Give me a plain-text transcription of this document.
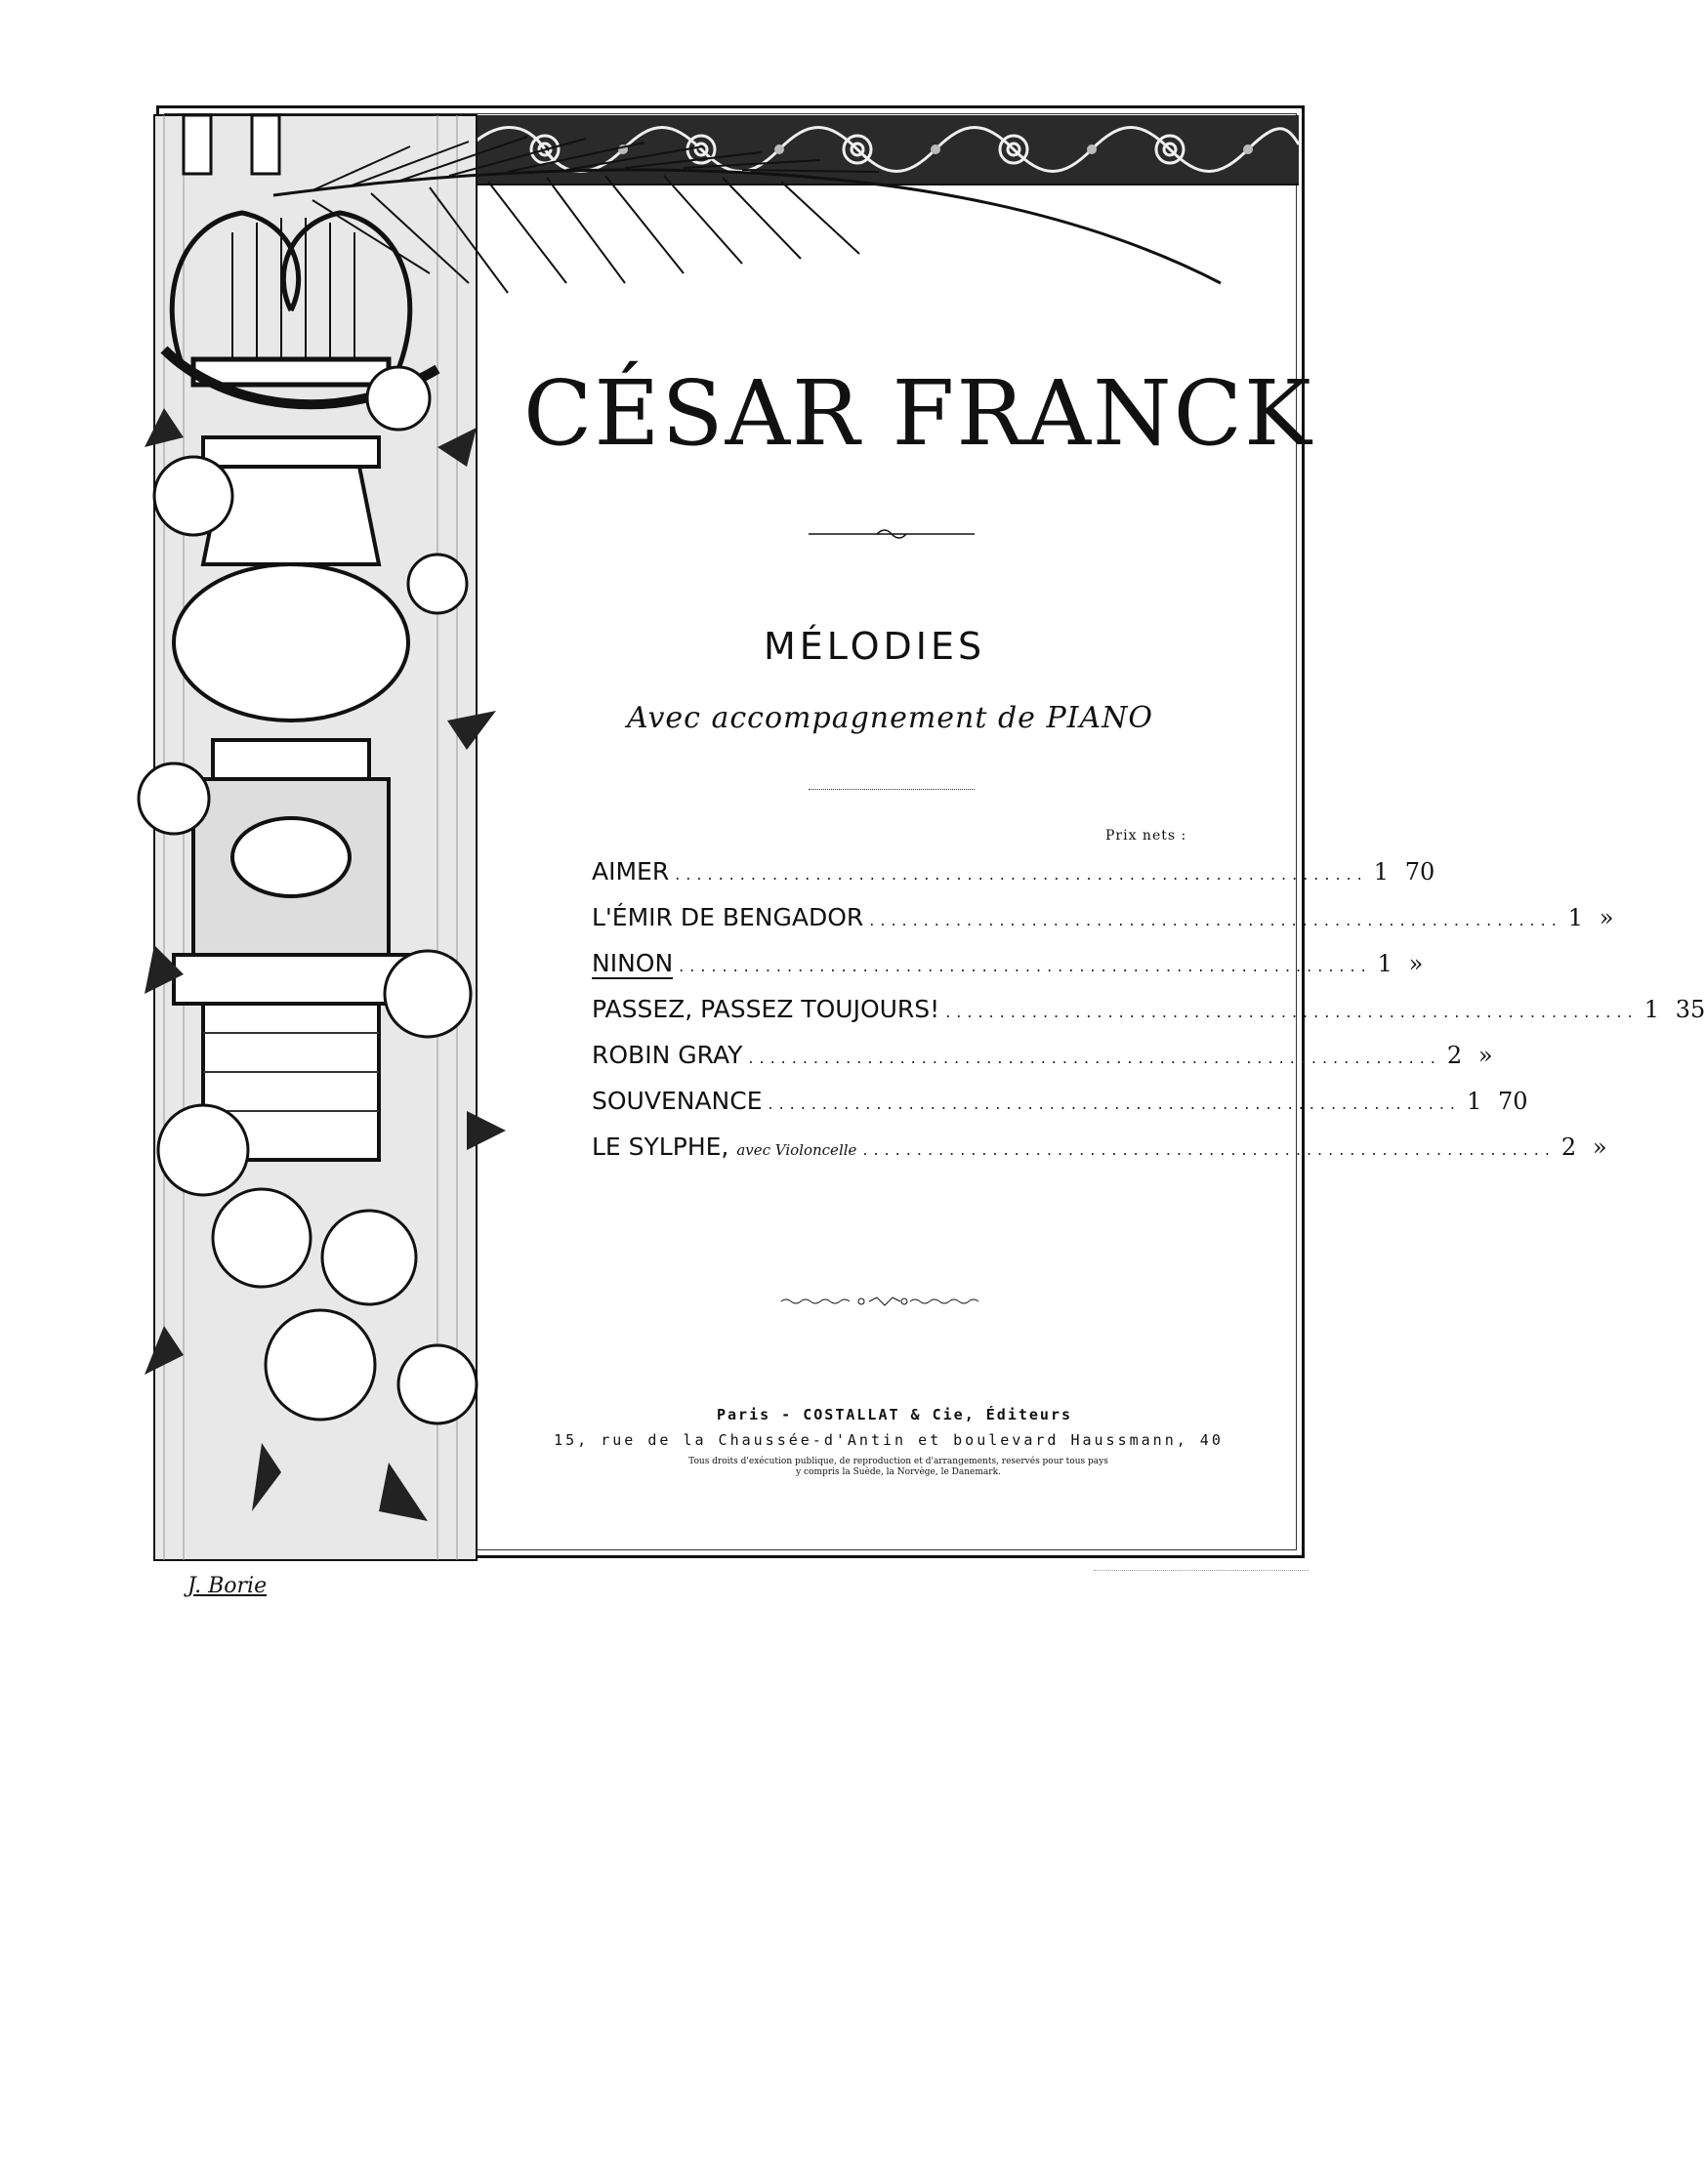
CÉSAR FRANCK
MÉLODIES
Avec accompagnement de PIANO
Prix nets :
AIMER ................................................................ 1 70
L'ÉMIR DE BENGADOR ................................................................ 1 »
NINON ................................................................ 1 »
PASSEZ, PASSEZ TOUJOURS! ................................................................ 1 35
ROBIN GRAY ................................................................ 2 »
SOUVENANCE ................................................................ 1 70
LE SYLPHE, avec Violoncelle ................................................................ 2 »
Paris - COSTALLAT & Cie, Éditeurs
15, rue de la Chaussée-d'Antin et boulevard Haussmann, 40
Tous droits d'exécution publique, de reproduction et d'arrangements, reservés pour tous pays
y compris la Suède, la Norvège, le Danemark.
J. Borie
